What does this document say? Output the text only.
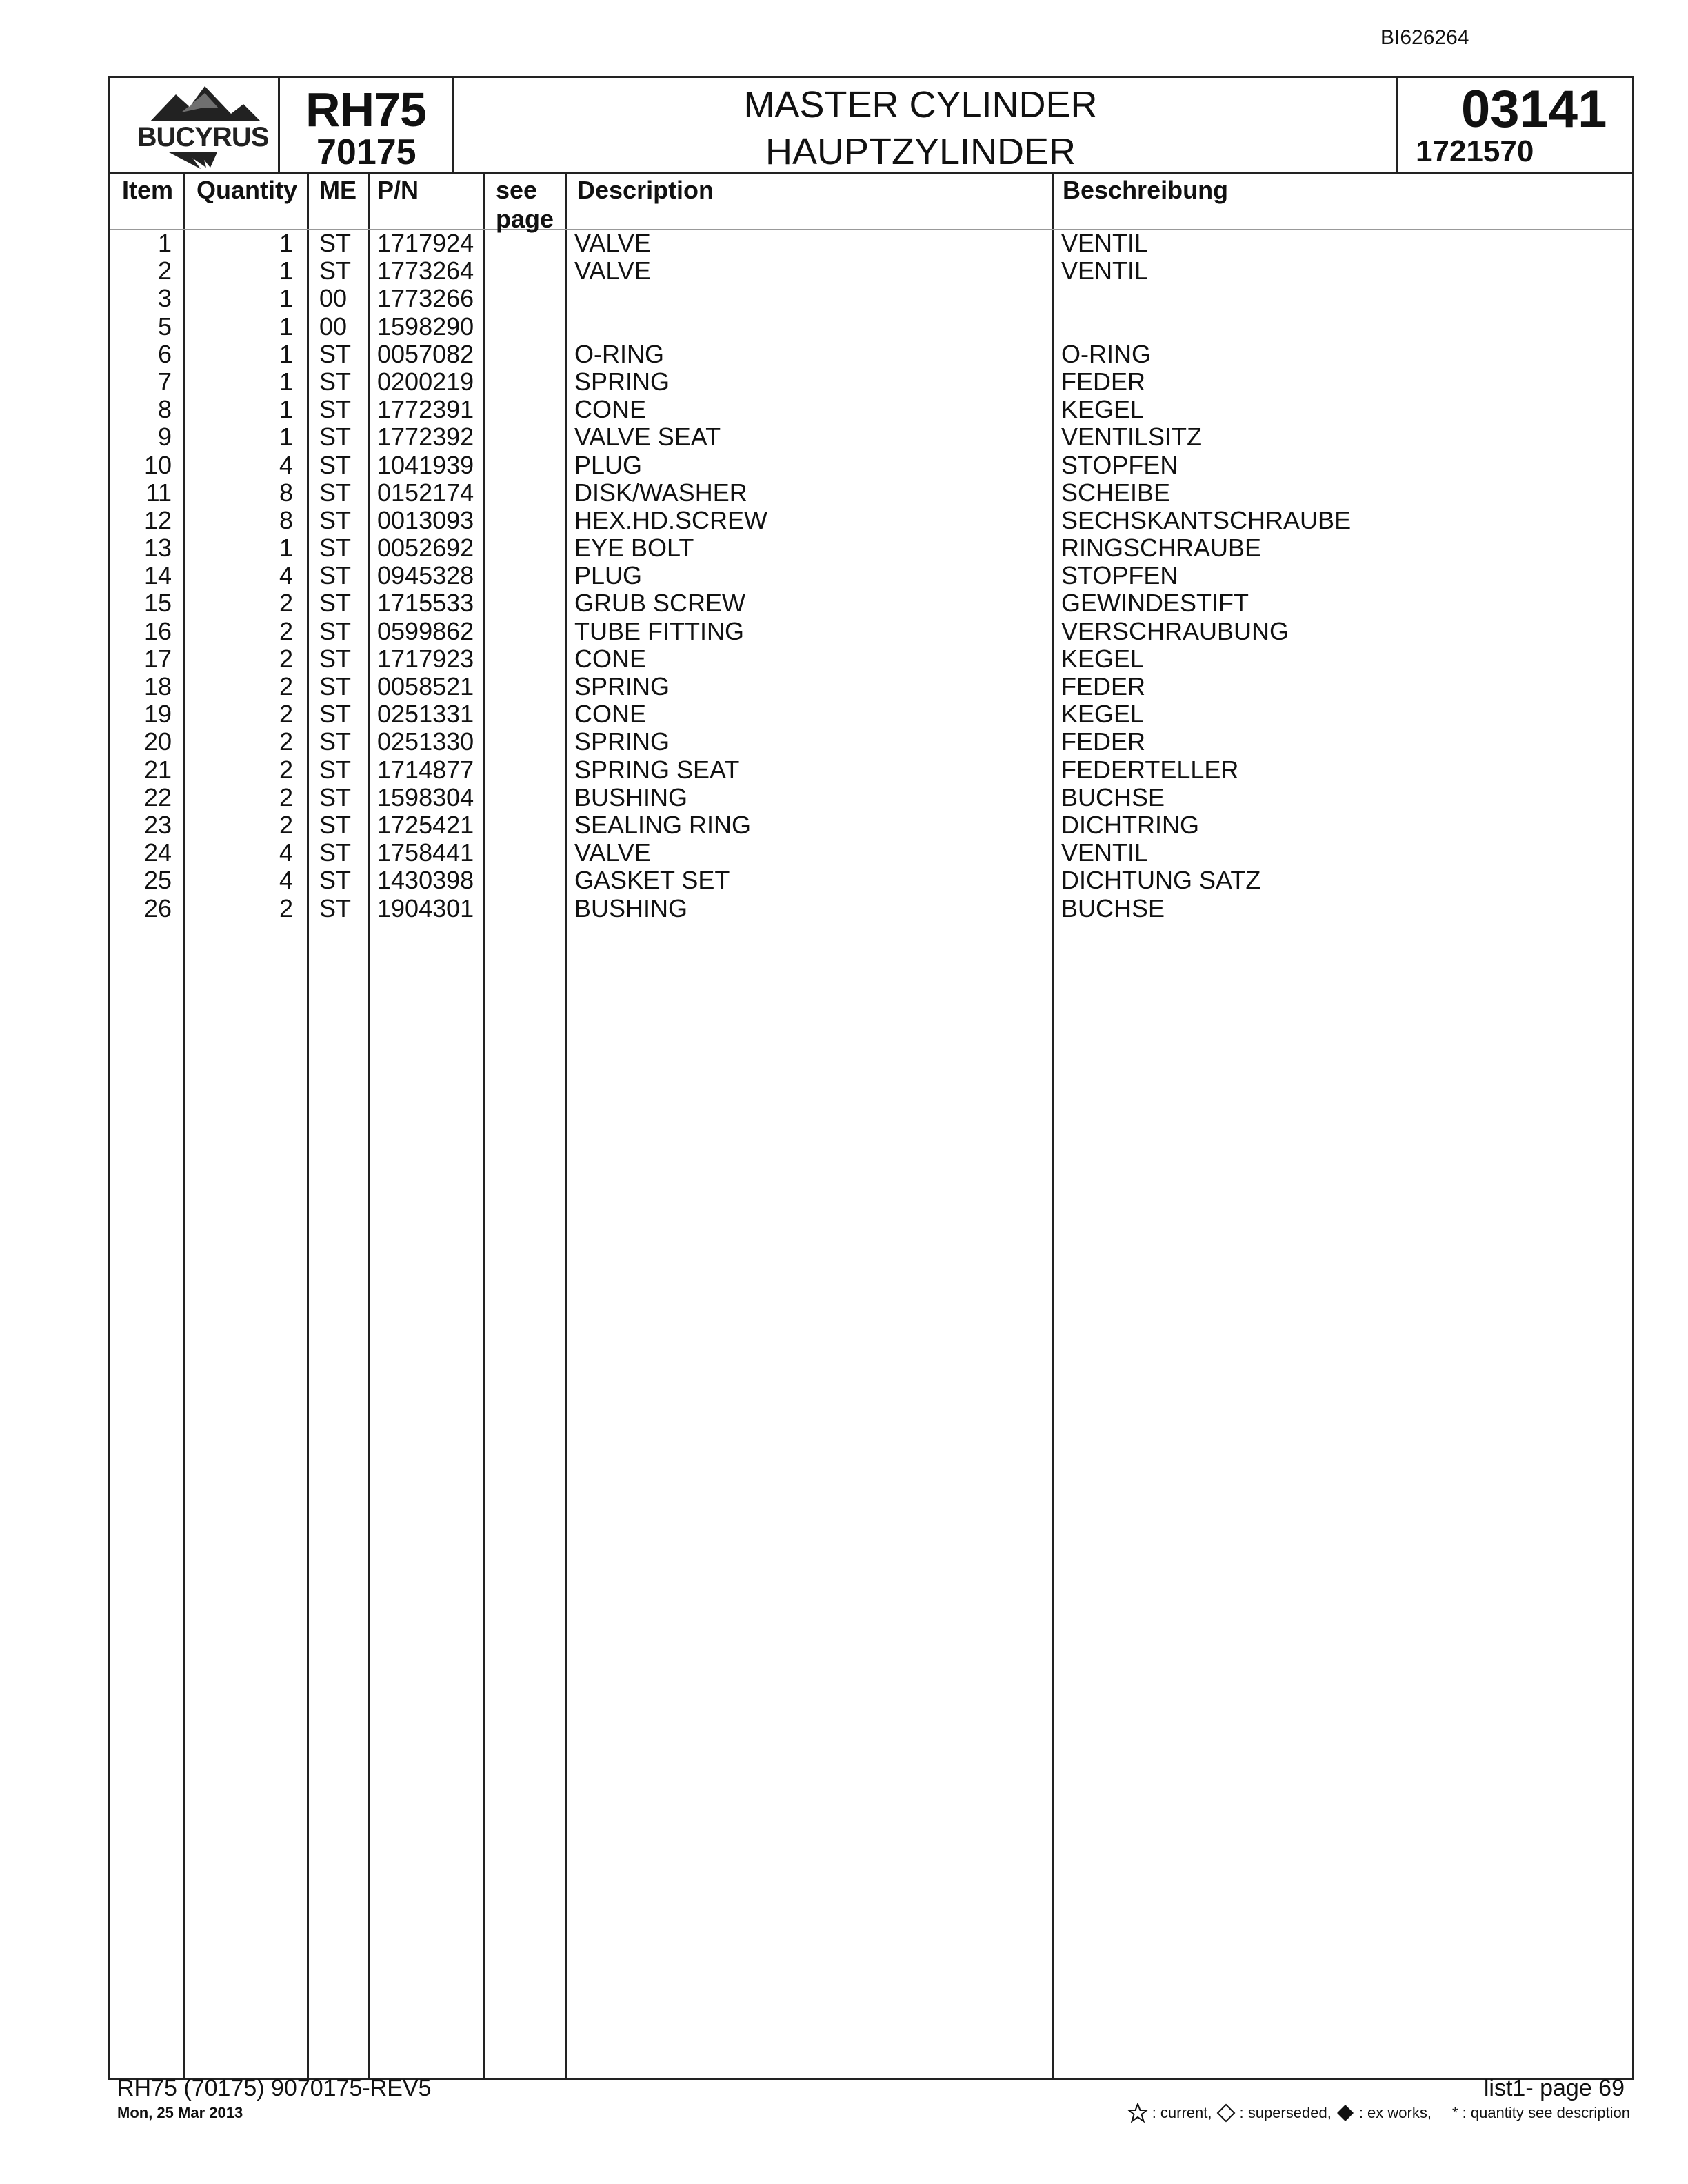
BI626264
BUCYRUS
RH75
70175
MASTER CYLINDER
HAUPTZYLINDER
03141
1721570
Item Quantity ME P/N	see
page
Description	Beschreibung
1	1 ST 1717924	VALVE	VENTIL
2	1 ST 1773264	VALVE	VENTIL
3	1 00 1773266
5	1 00 1598290
6	1 ST 0057082	O-RING	O-RING
7	1 ST 0200219	SPRING	FEDER
8	1 ST 1772391	CONE	KEGEL
9	1 ST 1772392	VALVE SEAT	VENTILSITZ
10	4 ST 1041939	PLUG	STOPFEN
11	8 ST 0152174	DISK/WASHER	SCHEIBE
12	8 ST 0013093	HEX.HD.SCREW	SECHSKANTSCHRAUBE
13	1 ST 0052692	EYE BOLT	RINGSCHRAUBE
14	4 ST 0945328	PLUG	STOPFEN
15	2 ST 1715533	GRUB SCREW	GEWINDESTIFT
16	2 ST 0599862	TUBE FITTING	VERSCHRAUBUNG
17	2 ST 1717923	CONE	KEGEL
18	2 ST 0058521	SPRING	FEDER
19	2 ST 0251331	CONE	KEGEL
20	2 ST 0251330	SPRING	FEDER
21	2 ST 1714877	SPRING SEAT	FEDERTELLER
22	2 ST 1598304	BUSHING	BUCHSE
23	2 ST 1725421	SEALING RING	DICHTRING
24	4 ST 1758441	VALVE	VENTIL
25	4 ST 1430398	GASKET SET	DICHTUNG SATZ
26	2 ST 1904301	BUSHING	BUCHSE
RH75 (70175) 9070175-REV5
Mon, 25 Mar 2013
list1- page 69
: current, : superseded, : ex works, * : quantity see description
